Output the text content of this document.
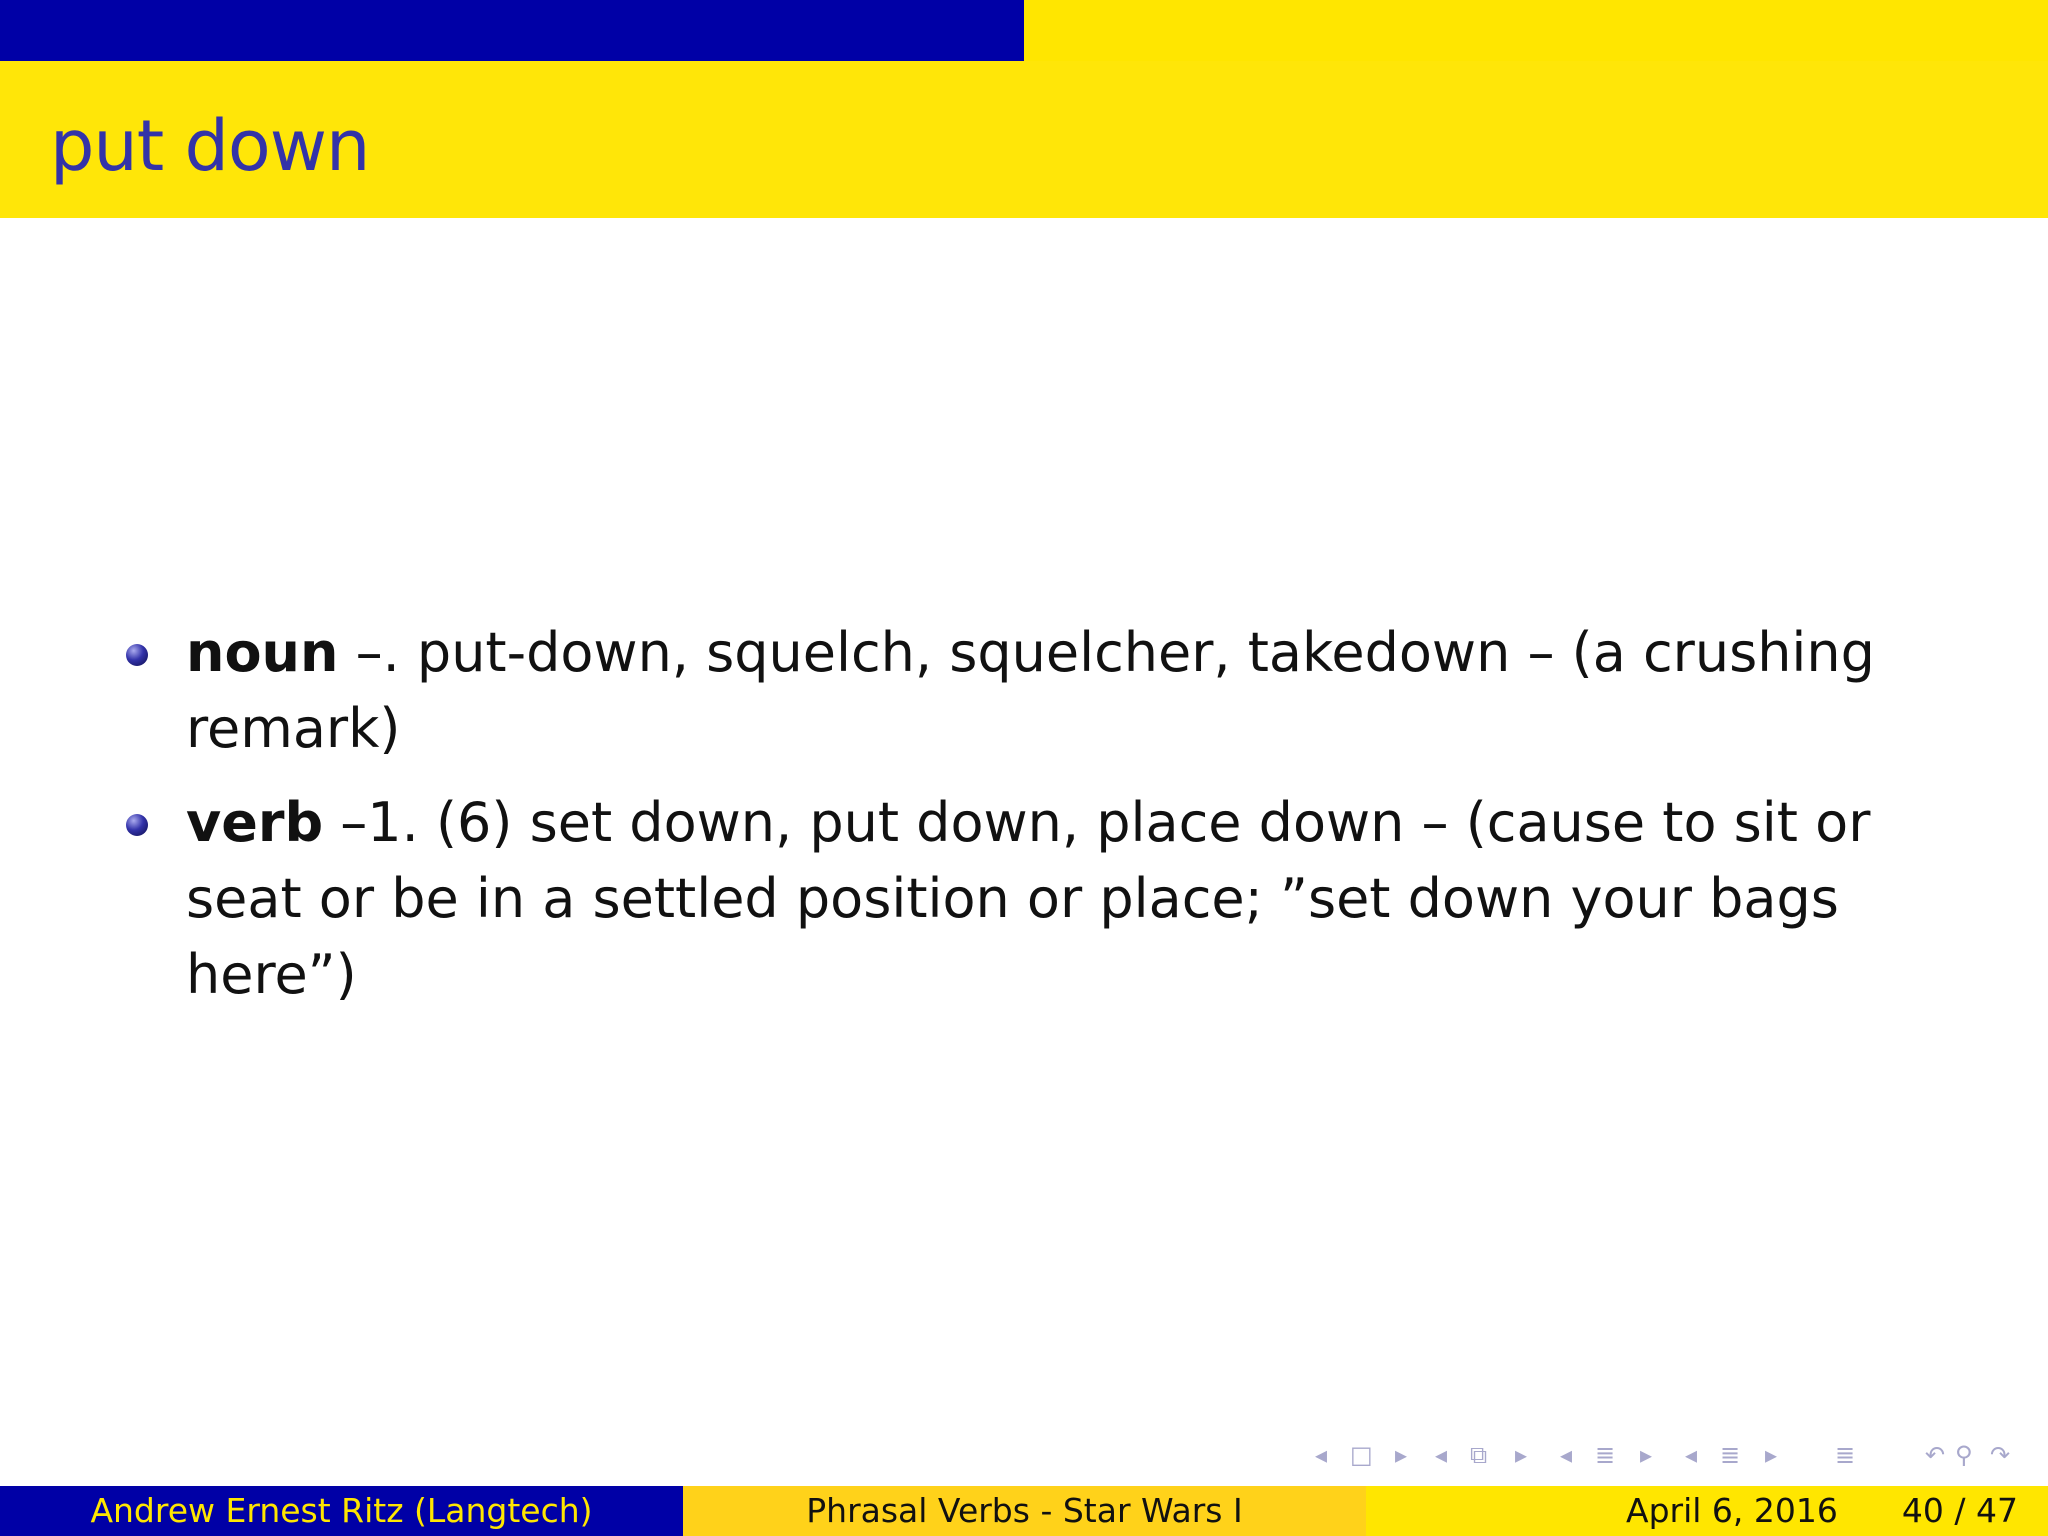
put down
noun –. put-down, squelch, squelcher, takedown – (a crushing remark)
verb –1. (6) set down, put down, place down – (cause to sit or seat or be in a settled position or place; ”set down your bags here”)
◂ □ ▸ ◂ ⧉ ▸ ◂ ≣ ▸ ◂ ≣ ▸ ≣	↶ ⚲ ↷
Andrew Ernest Ritz (Langtech)	Phrasal Verbs - Star Wars I	April 6, 2016 40 / 47
